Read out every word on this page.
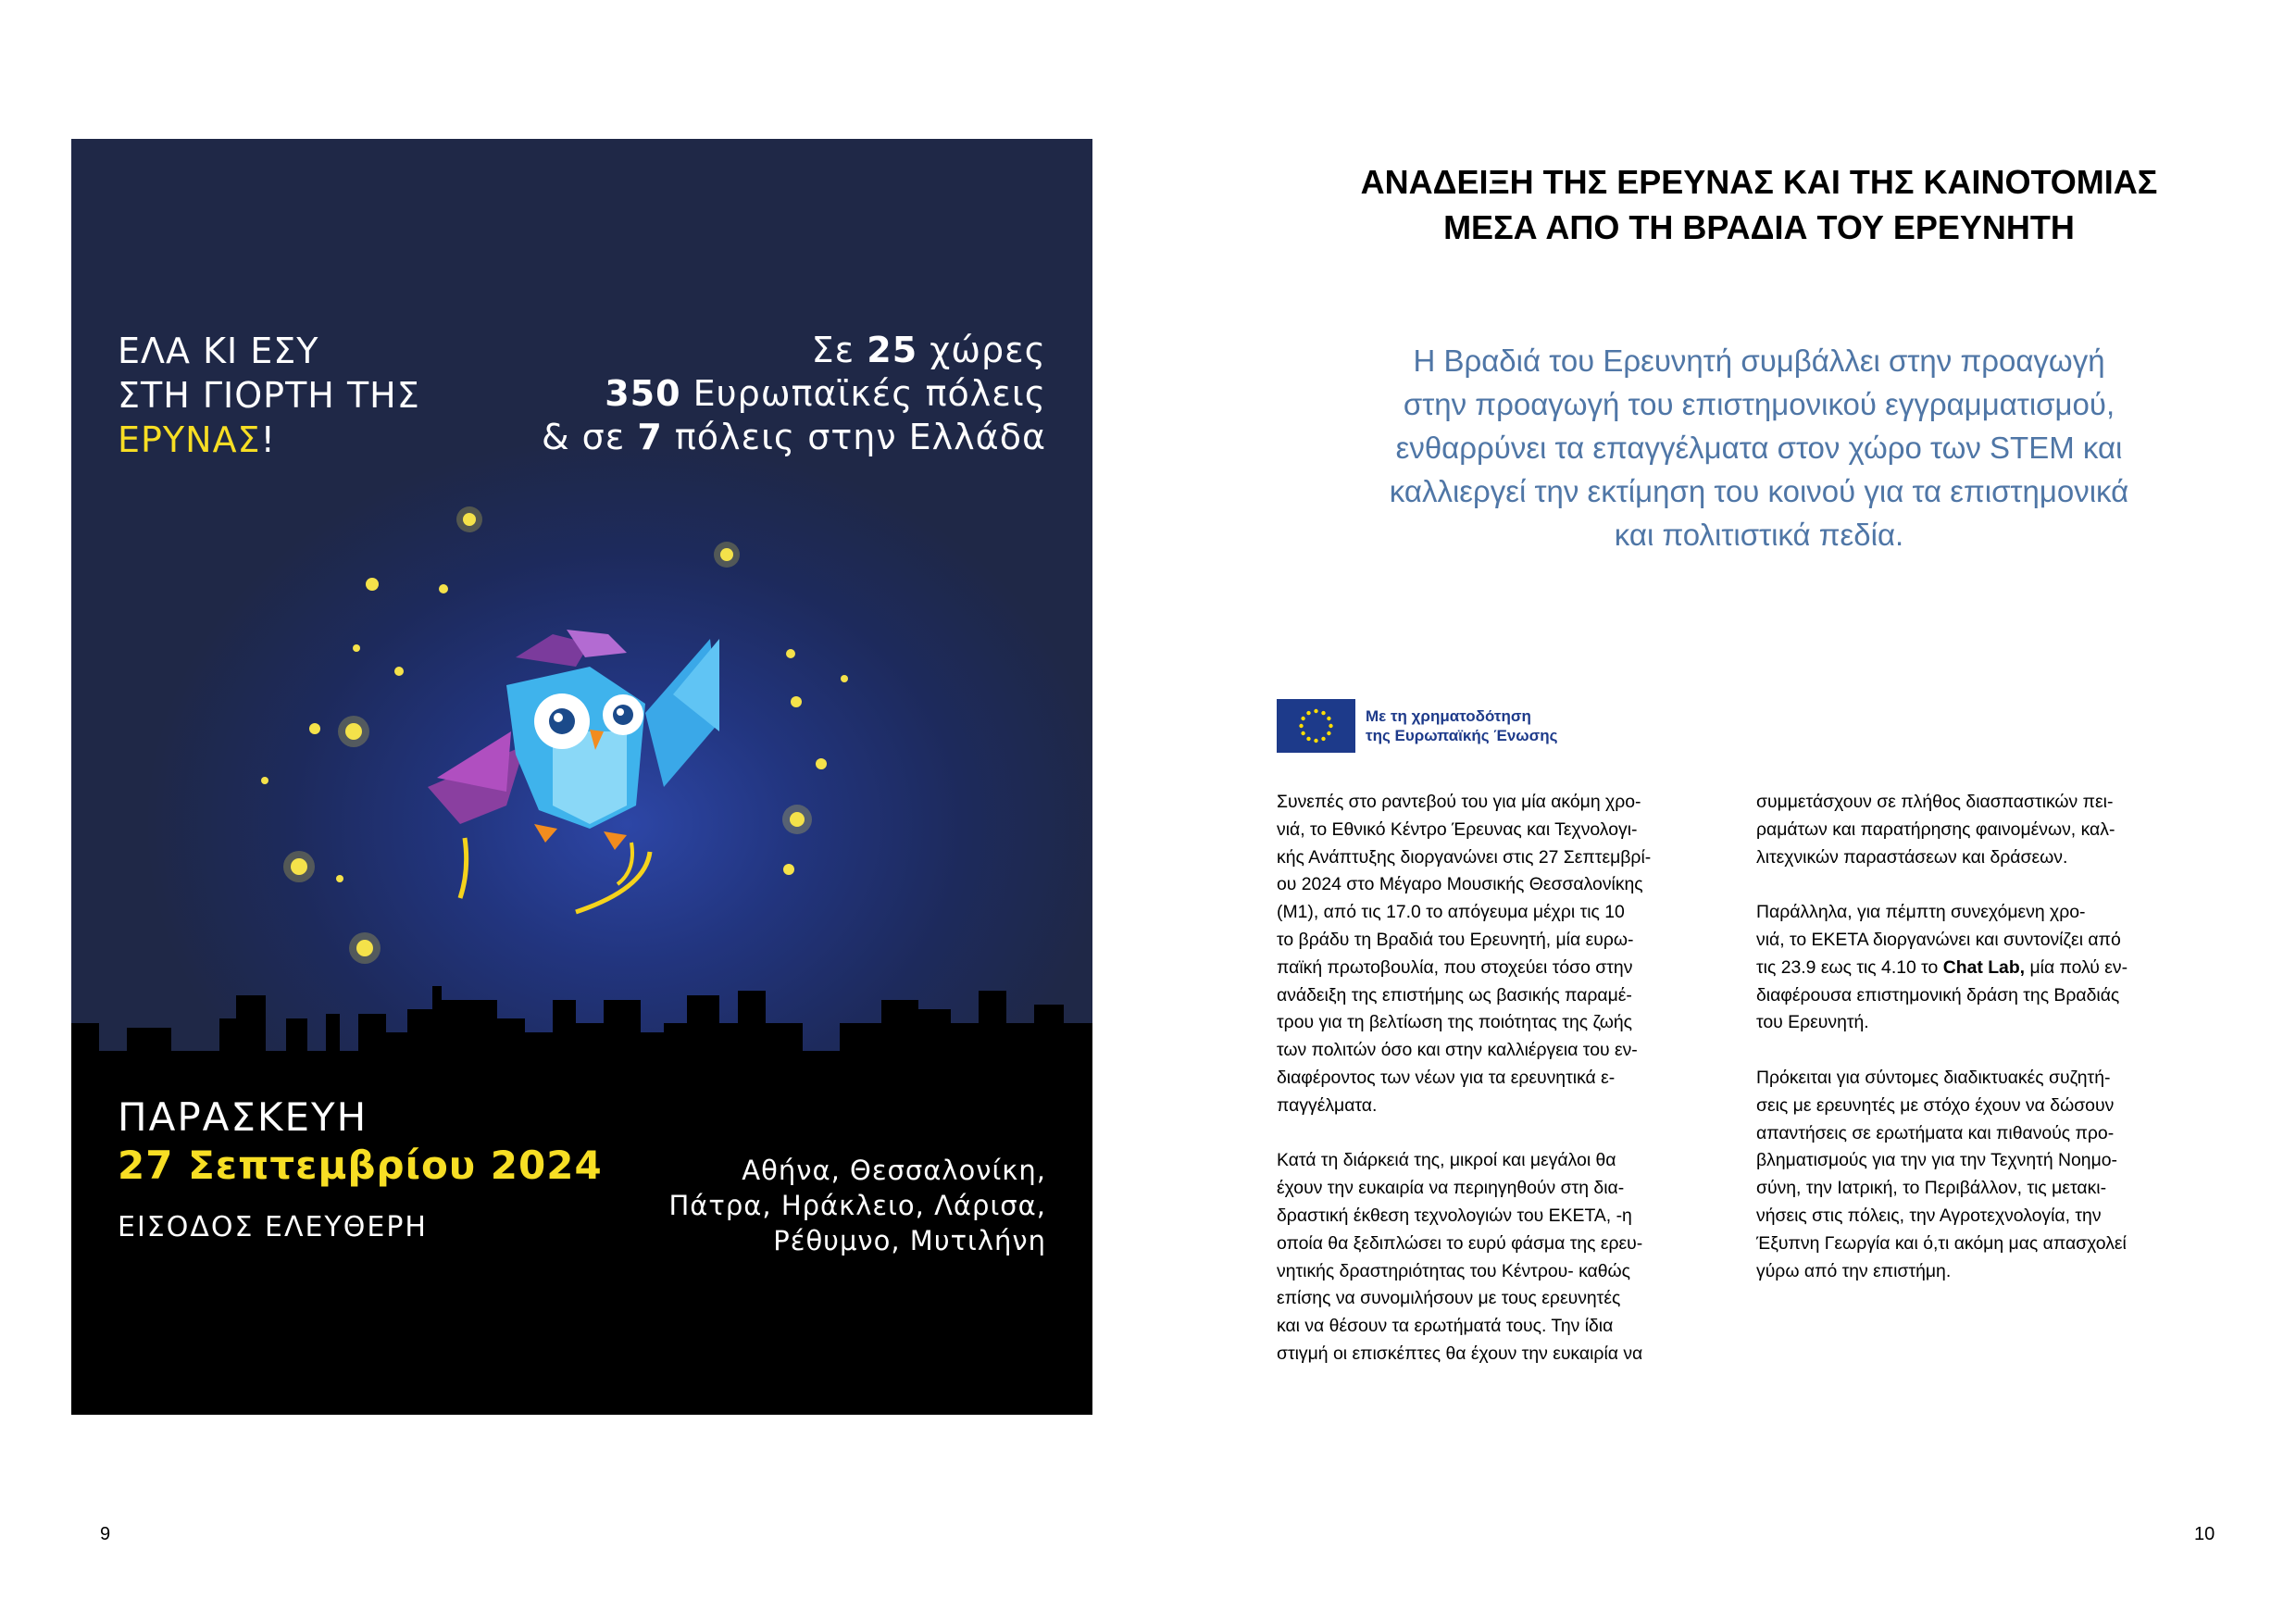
ΕΛΑ ΚΙ ΕΣΥ
ΣΤΗ ΓΙΟΡΤΗ ΤΗΣ
ΕΡΥΝΑΣ!
Σε 25 χώρες
350 Ευρωπαϊκές πόλεις
& σε 7 πόλεις στην Ελλάδα
ΠΑΡΑΣΚΕΥΗ
27 Σεπτεμβρίου 2024
ΕΙΣΟΔΟΣ ΕΛΕΥΘΕΡΗ
Αθήνα, Θεσσαλονίκη,
Πάτρα, Ηράκλειο, Λάρισα,
Ρέθυμνο, Μυτιλήνη
ΑΝΑΔΕΙΞΗ ΤΗΣ ΕΡΕΥΝΑΣ ΚΑΙ ΤΗΣ ΚΑΙΝΟΤΟΜΙΑΣ
ΜΕΣΑ ΑΠΟ ΤΗ ΒΡΑΔΙΑ ΤΟΥ ΕΡΕΥΝΗΤΗ
Η Βραδιά του Ερευνητή συμβάλλει στην προαγωγή
στην προαγωγή του επιστημονικού εγγραμματισμού,
ενθαρρύνει τα επαγγέλματα στον χώρο των STEM και
καλλιεργεί την εκτίμηση του κοινού για τα επιστημονικά
και πολιτιστικά πεδία.
Με τη χρηματοδότηση
της Ευρωπαϊκής Ένωσης

Συνεπές στο ραντεβού του για μία ακόμη χρο-
νιά, το Εθνικό Κέντρο Έρευνας και Τεχνολογι-
κής Ανάπτυξης διοργανώνει στις 27 Σεπτεμβρί-
ου 2024 στο Μέγαρο Μουσικής Θεσσαλονίκης
(Μ1), από τις 17.0 το απόγευμα μέχρι τις 10
το βράδυ τη Βραδιά του Ερευνητή, μία ευρω-
παϊκή πρωτοβουλία, που στοχεύει τόσο στην
ανάδειξη της επιστήμης ως βασικής παραμέ-
τρου για τη βελτίωση της ποιότητας της ζωής
των πολιτών όσο και στην καλλιέργεια του εν-
διαφέροντος των νέων για τα ερευνητικά ε-
παγγέλματα.

Κατά τη διάρκειά της, μικροί και μεγάλοι θα
έχουν την ευκαιρία να περιηγηθούν στη δια-
δραστική έκθεση τεχνολογιών του ΕΚΕΤΑ, -η
οποία θα ξεδιπλώσει το ευρύ φάσμα της ερευ-
νητικής δραστηριότητας του Κέντρου- καθώς
επίσης να συνομιλήσουν με τους ερευνητές
και να θέσουν τα ερωτήματά τους. Την ίδια
στιγμή οι επισκέπτες θα έχουν την ευκαιρία να

συμμετάσχουν σε πλήθος διασπαστικών πει-
ραμάτων και παρατήρησης φαινομένων, καλ-
λιτεχνικών παραστάσεων και δράσεων.

Παράλληλα, για πέμπτη συνεχόμενη χρο-
νιά, το ΕΚΕΤΑ διοργανώνει και συντονίζει από
τις 23.9 εως τις 4.10 το Chat Lab, μία πολύ εν-
διαφέρουσα επιστημονική δράση της Βραδιάς
του Ερευνητή.

Πρόκειται για σύντομες διαδικτυακές συζητή-
σεις με ερευνητές με στόχο έχουν να δώσουν
απαντήσεις σε ερωτήματα και πιθανούς προ-
βληματισμούς για την για την Τεχνητή Νοημο-
σύνη, την Ιατρική, το Περιβάλλον, τις μετακι-
νήσεις στις πόλεις, την Αγροτεχνολογία, την
Έξυπνη Γεωργία και ό,τι ακόμη μας απασχολεί
γύρω από την επιστήμη.

9	10
